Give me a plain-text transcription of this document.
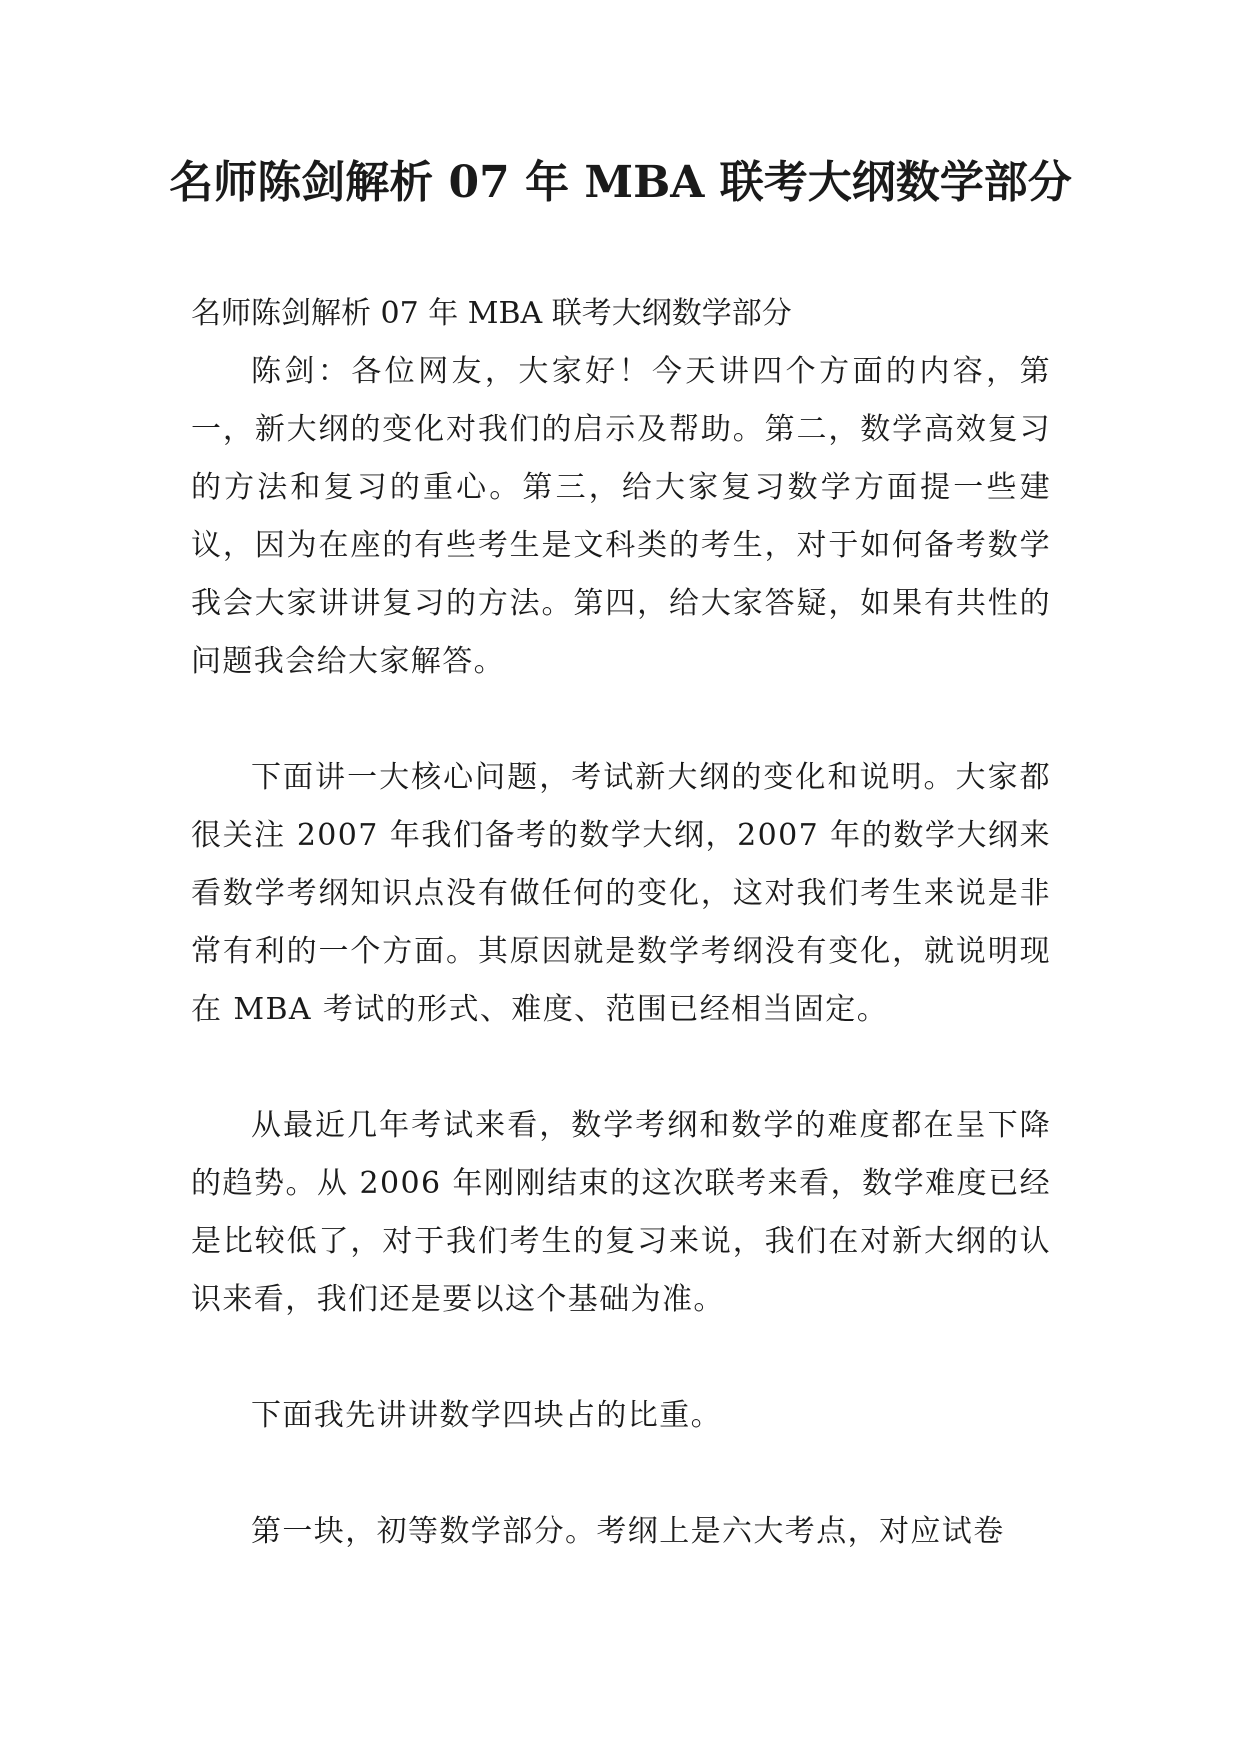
名师陈剑解析 07 年 MBA 联考大纲数学部分

名师陈剑解析 07 年 MBA 联考大纲数学部分

陈剑：各位网友，大家好！今天讲四个方面的内容，第一，新大纲的变化对我们的启示及帮助。第二，数学高效复习的方法和复习的重心。第三，给大家复习数学方面提一些建议，因为在座的有些考生是文科类的考生，对于如何备考数学我会大家讲讲复习的方法。第四，给大家答疑，如果有共性的问题我会给大家解答。

下面讲一大核心问题，考试新大纲的变化和说明。大家都很关注 2007 年我们备考的数学大纲，2007 年的数学大纲来看数学考纲知识点没有做任何的变化，这对我们考生来说是非常有利的一个方面。其原因就是数学考纲没有变化，就说明现在 MBA 考试的形式、难度、范围已经相当固定。

从最近几年考试来看，数学考纲和数学的难度都在呈下降的趋势。从 2006 年刚刚结束的这次联考来看，数学难度已经是比较低了，对于我们考生的复习来说，我们在对新大纲的认识来看，我们还是要以这个基础为准。

下面我先讲讲数学四块占的比重。

第一块，初等数学部分。考纲上是六大考点，对应试卷
